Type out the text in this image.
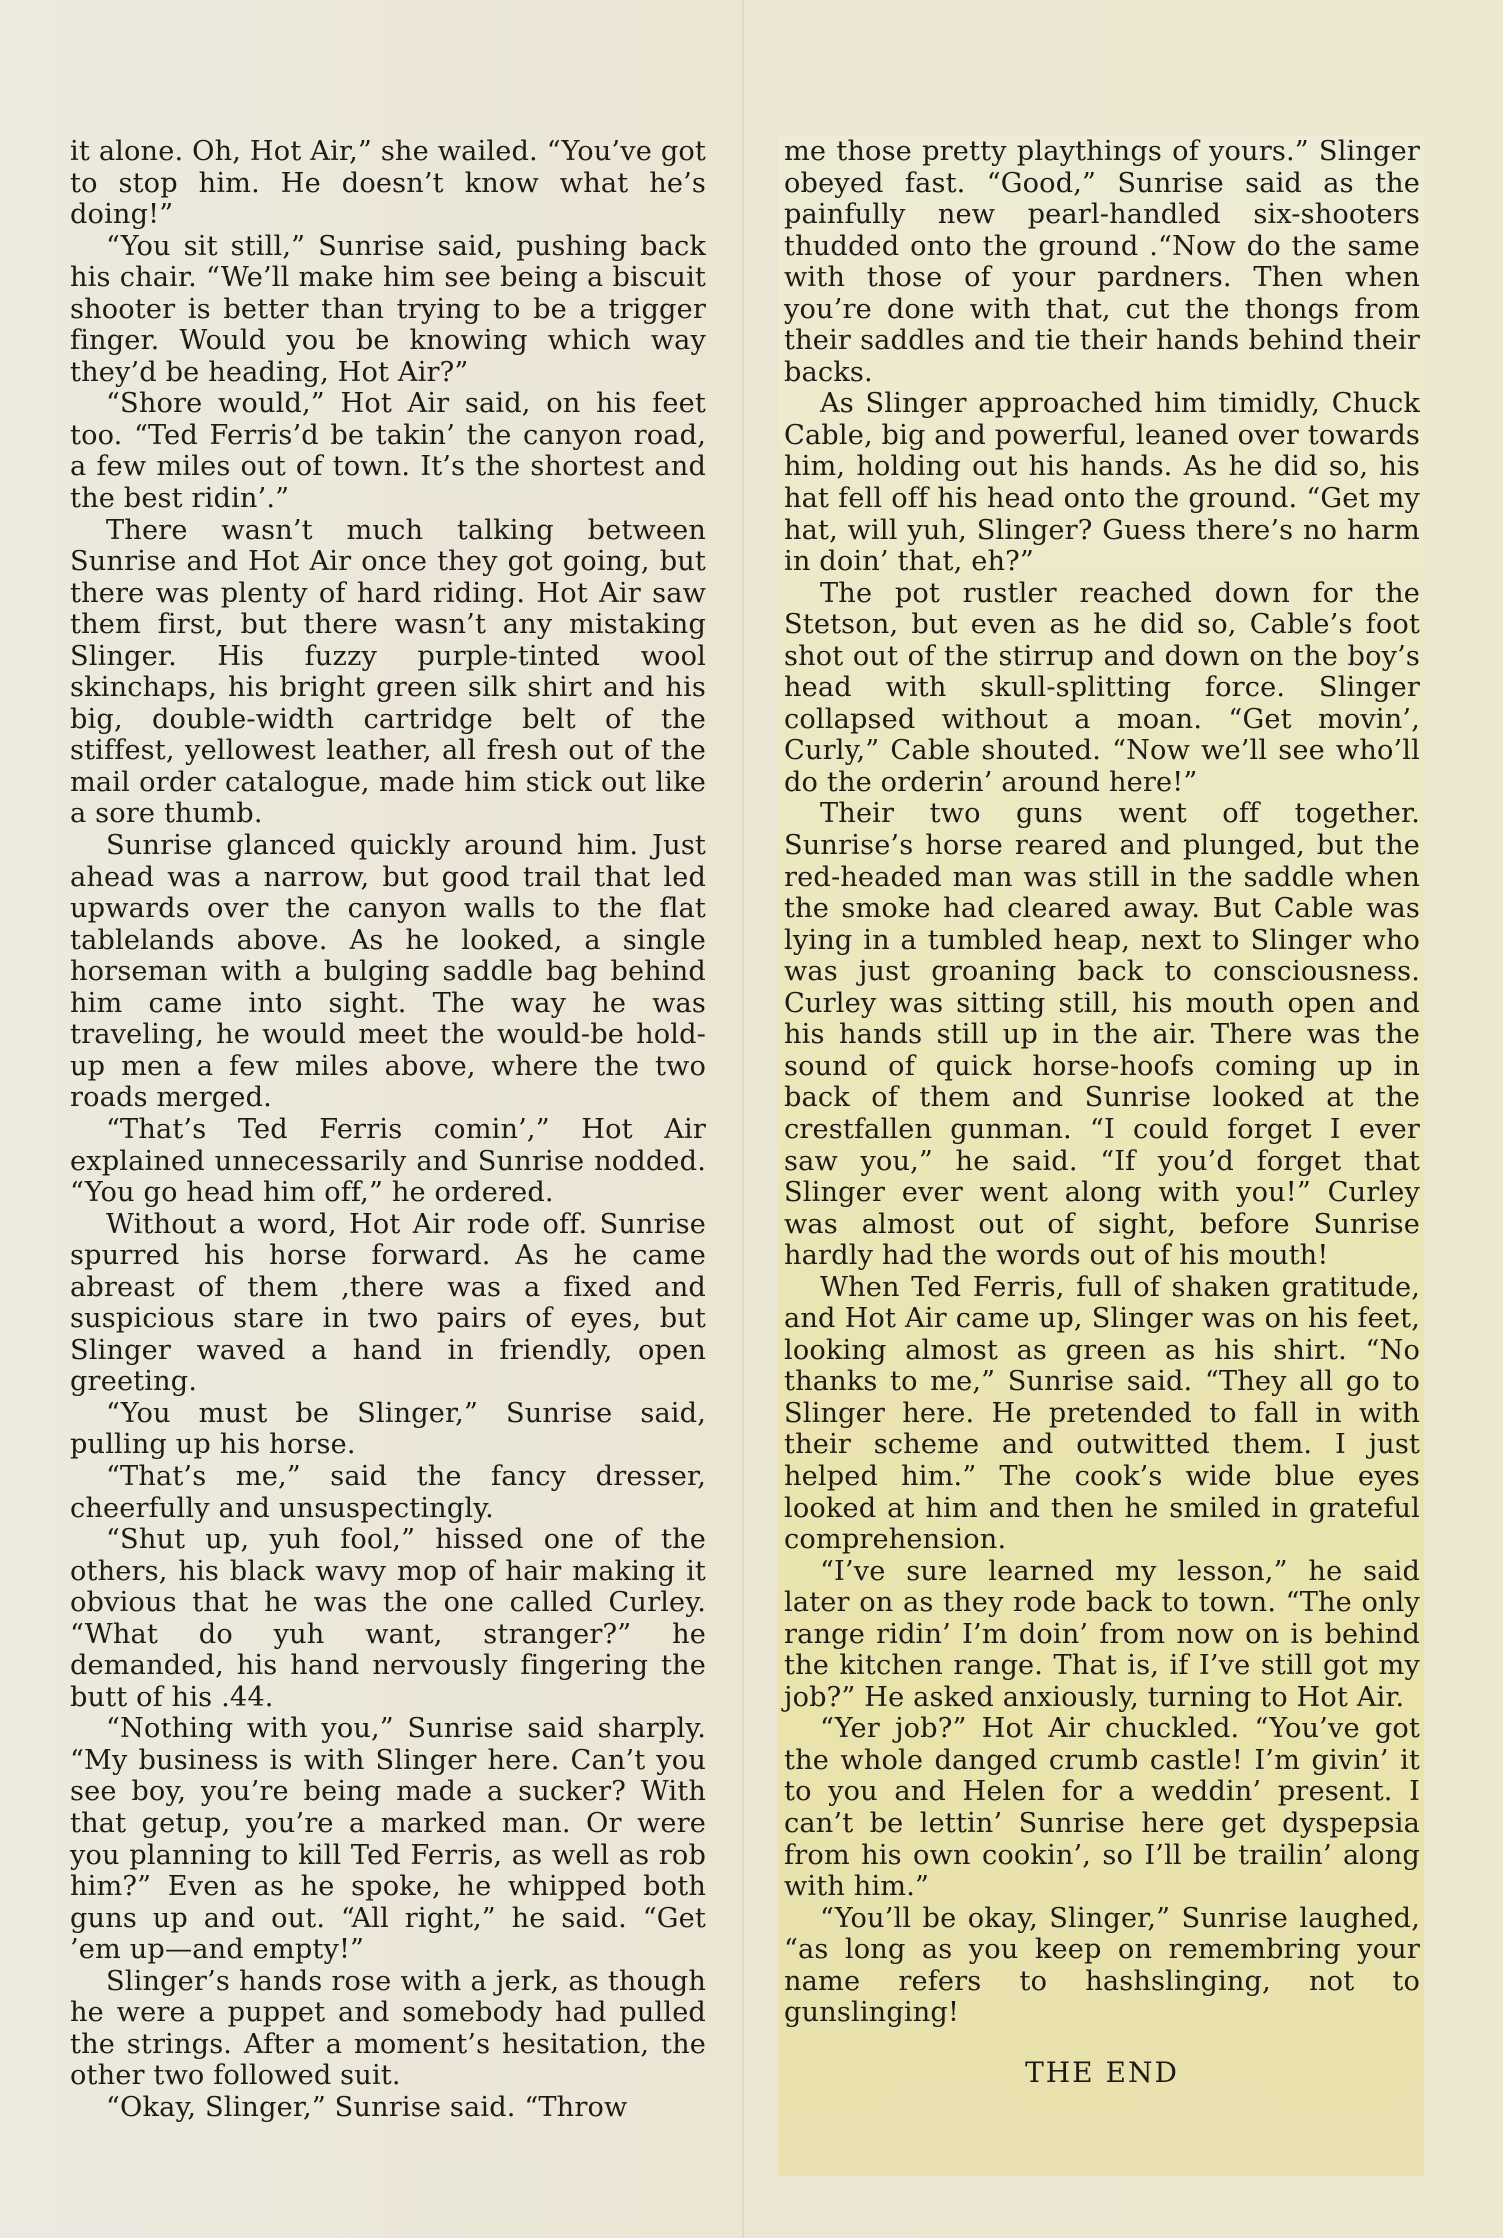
it alone. Oh, Hot Air,” she wailed. “You’ve got to stop him. He doesn’t know what he’s doing!”

“You sit still,” Sunrise said, pushing back his chair. “We’ll make him see being a biscuit shooter is better than trying to be a trigger finger. Would you be knowing which way they’d be heading, Hot Air?”

“Shore would,” Hot Air said, on his feet too. “Ted Ferris’d be takin’ the canyon road, a few miles out of town. It’s the shortest and the best ridin’.”

There wasn’t much talking between Sunrise and Hot Air once they got going, but there was plenty of hard riding. Hot Air saw them first, but there wasn’t any mistaking Slinger. His fuzzy purple-tinted wool skinchaps, his bright green silk shirt and his big, double-width cartridge belt of the stiffest, yellowest leather, all fresh out of the mail order catalogue, made him stick out like a sore thumb.

Sunrise glanced quickly around him. Just ahead was a narrow, but good trail that led upwards over the canyon walls to the flat tablelands above. As he looked, a single horseman with a bulging saddle bag behind him came into sight. The way he was traveling, he would meet the would-be hold-up men a few miles above, where the two roads merged.

“That’s Ted Ferris comin’,” Hot Air explained unnecessarily and Sunrise nodded. “You go head him off,” he ordered.

Without a word, Hot Air rode off. Sunrise spurred his horse forward. As he came abreast of them ,there was a fixed and suspicious stare in two pairs of eyes, but Slinger waved a hand in friendly, open greeting.

“You must be Slinger,” Sunrise said, pulling up his horse.

“That’s me,” said the fancy dresser, cheerfully and unsuspectingly.

“Shut up, yuh fool,” hissed one of the others, his black wavy mop of hair making it obvious that he was the one called Curley. “What do yuh want, stranger?” he demanded, his hand nervously fingering the butt of his .44.

“Nothing with you,” Sunrise said sharply. “My business is with Slinger here. Can’t you see boy, you’re being made a sucker? With that getup, you’re a marked man. Or were you planning to kill Ted Ferris, as well as rob him?” Even as he spoke, he whipped both guns up and out. “All right,” he said. “Get ’em up—and empty!”

Slinger’s hands rose with a jerk, as though he were a puppet and somebody had pulled the strings. After a moment’s hesitation, the other two followed suit.

“Okay, Slinger,” Sunrise said. “Throw

me those pretty playthings of yours.” Slinger obeyed fast. “Good,” Sunrise said as the painfully new pearl-handled six-shooters thudded onto the ground .“Now do the same with those of your pardners. Then when you’re done with that, cut the thongs from their saddles and tie their hands behind their backs.

As Slinger approached him timidly, Chuck Cable, big and powerful, leaned over towards him, holding out his hands. As he did so, his hat fell off his head onto the ground. “Get my hat, will yuh, Slinger? Guess there’s no harm in doin’ that, eh?”

The pot rustler reached down for the Stetson, but even as he did so, Cable’s foot shot out of the stirrup and down on the boy’s head with skull-splitting force. Slinger collapsed without a moan. “Get movin’, Curly,” Cable shouted. “Now we’ll see who’ll do the orderin’ around here!”

Their two guns went off together. Sunrise’s horse reared and plunged, but the red-headed man was still in the saddle when the smoke had cleared away. But Cable was lying in a tumbled heap, next to Slinger who was just groaning back to consciousness. Curley was sitting still, his mouth open and his hands still up in the air. There was the sound of quick horse-hoofs coming up in back of them and Sunrise looked at the crestfallen gunman. “I could forget I ever saw you,” he said. “If you’d forget that Slinger ever went along with you!” Curley was almost out of sight, before Sunrise hardly had the words out of his mouth!

When Ted Ferris, full of shaken gratitude, and Hot Air came up, Slinger was on his feet, looking almost as green as his shirt. “No thanks to me,” Sunrise said. “They all go to Slinger here. He pretended to fall in with their scheme and outwitted them. I just helped him.” The cook’s wide blue eyes looked at him and then he smiled in grateful comprehension.

“I’ve sure learned my lesson,” he said later on as they rode back to town. “The only range ridin’ I’m doin’ from now on is behind the kitchen range. That is, if I’ve still got my job?” He asked anxiously, turning to Hot Air.

“Yer job?” Hot Air chuckled. “You’ve got the whole danged crumb castle! I’m givin’ it to you and Helen for a weddin’ present. I can’t be lettin’ Sunrise here get dyspepsia from his own cookin’, so I’ll be trailin’ along with him.”

“You’ll be okay, Slinger,” Sunrise laughed, “as long as you keep on remembring your name refers to hashslinging, not to gunslinging!

THE END
